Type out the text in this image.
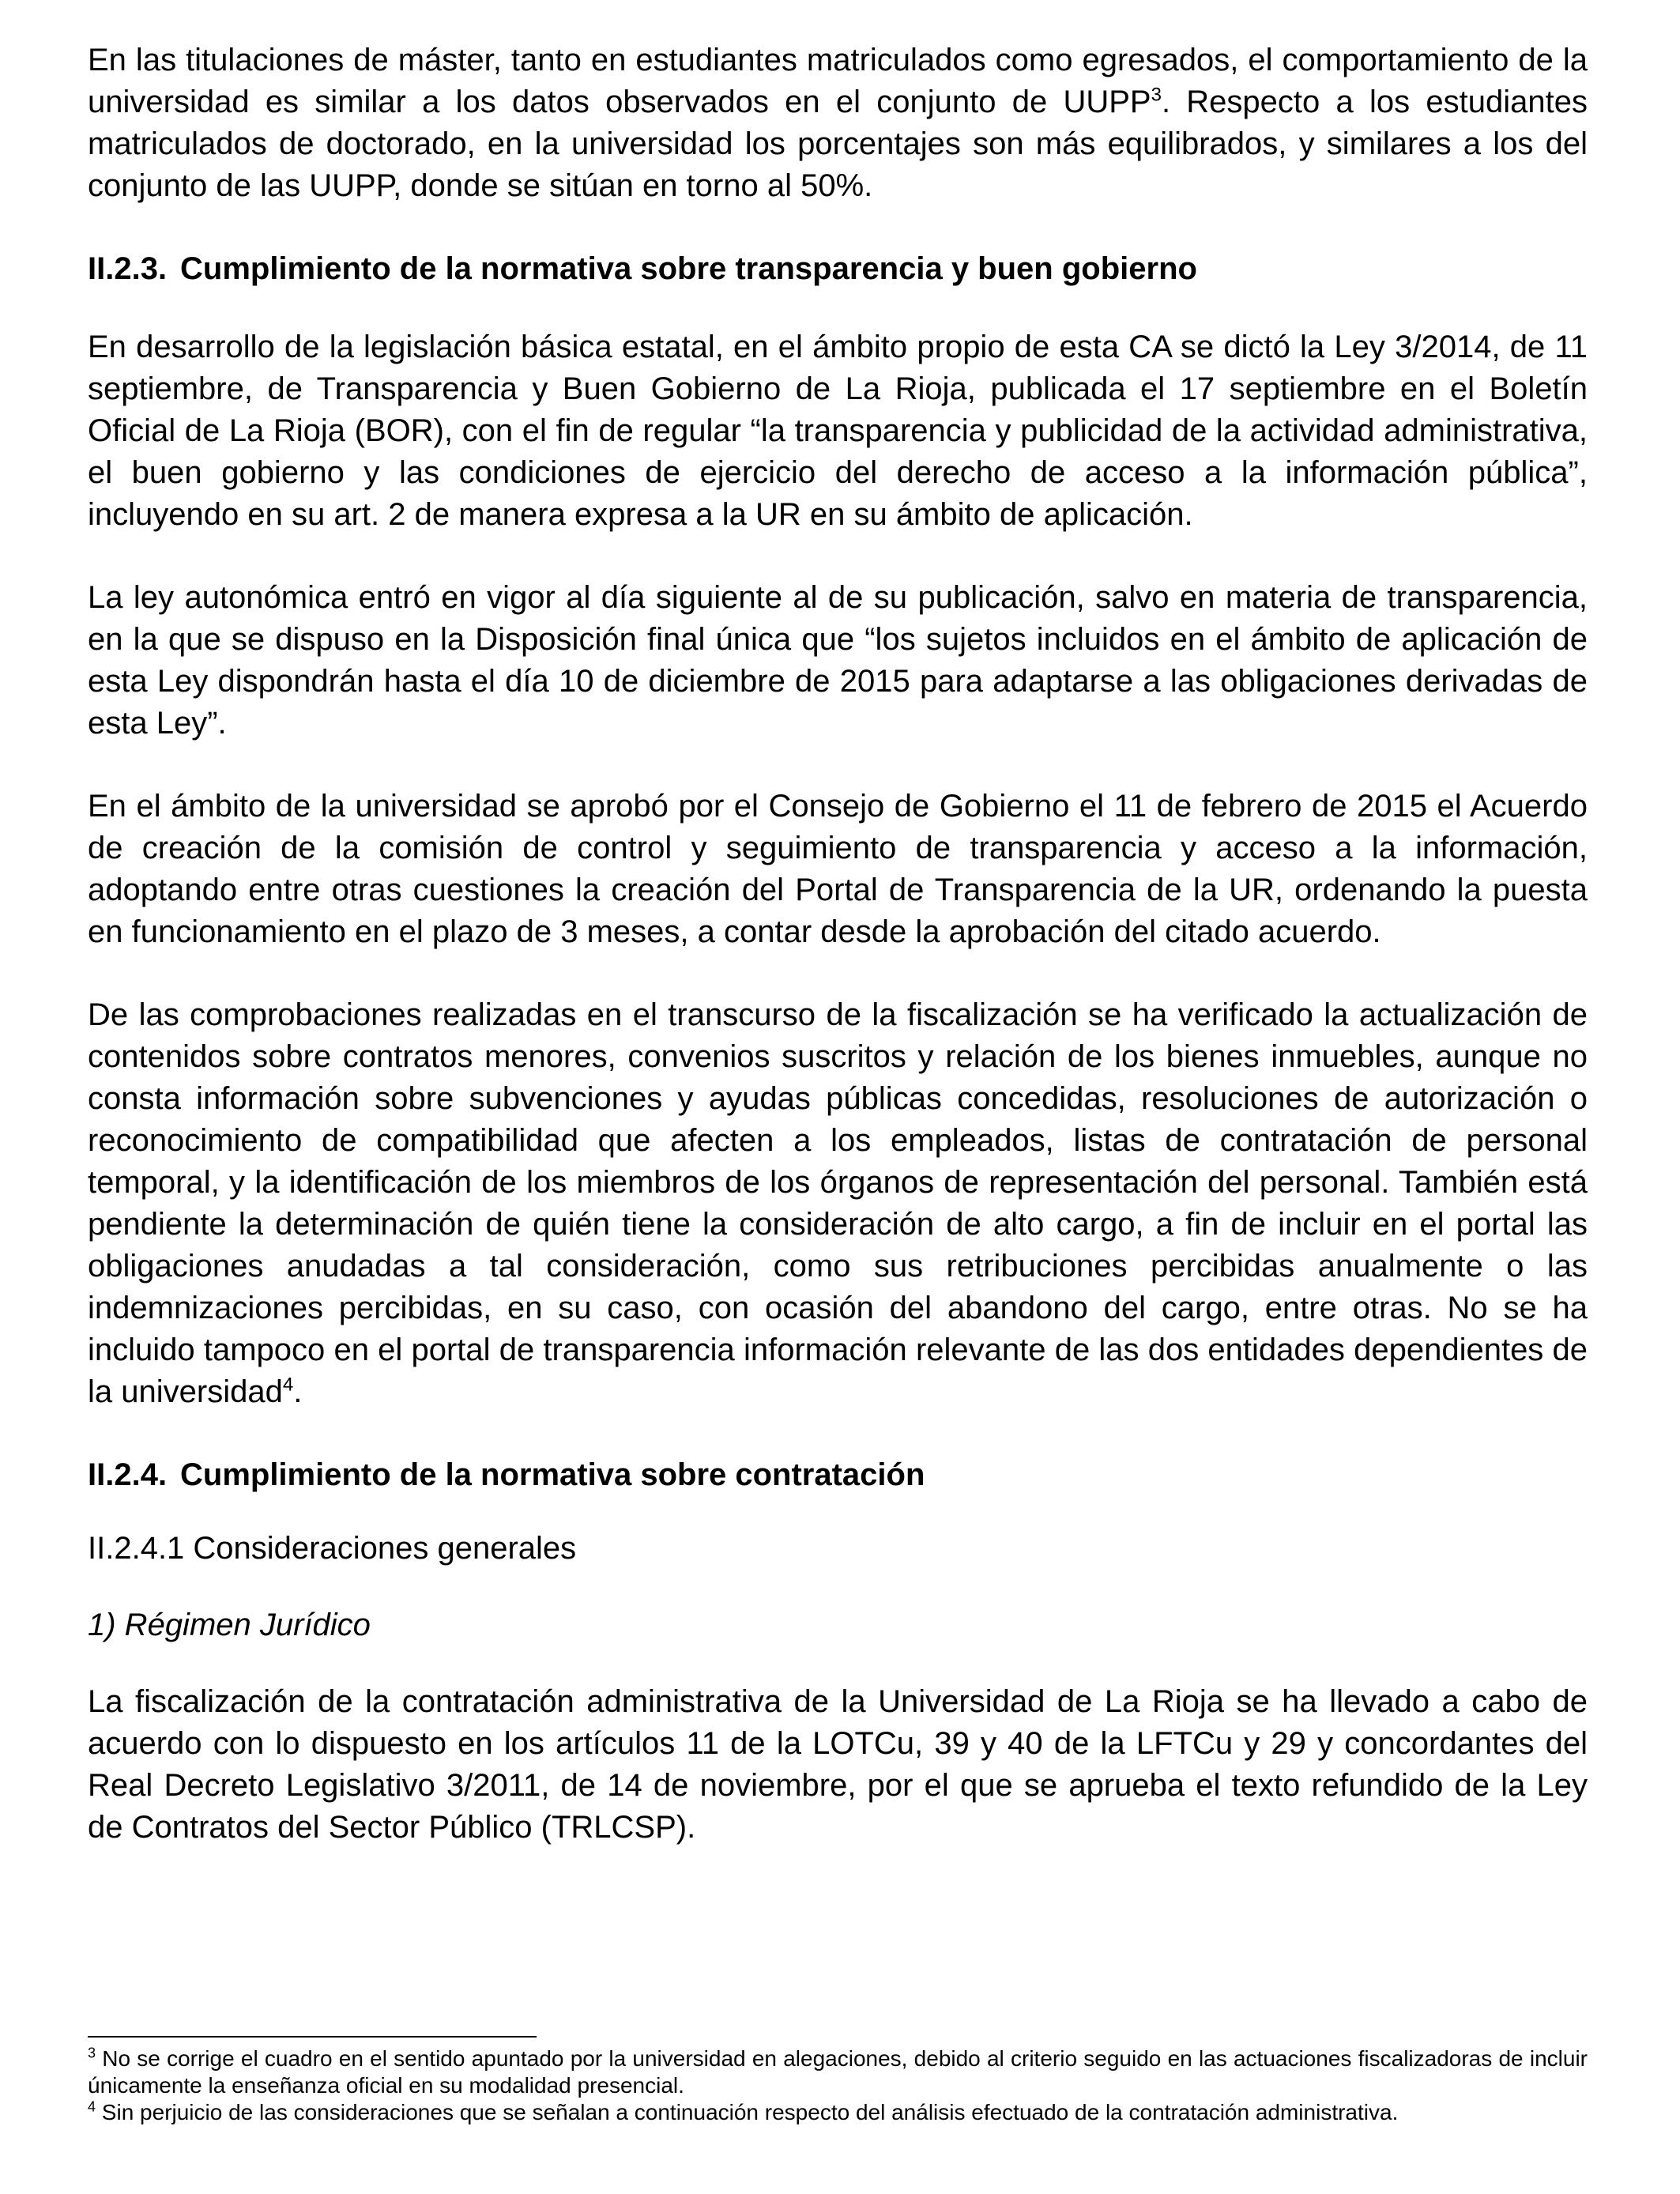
En las titulaciones de máster, tanto en estudiantes matriculados como egresados, el comportamiento de la universidad es similar a los datos observados en el conjunto de UUPP$^3$. Respecto a los estudiantes matriculados de doctorado, en la universidad los porcentajes son más equilibrados, y similares a los del conjunto de las UUPP, donde se sitúan en torno al 50%.

II.2.3. Cumplimiento de la normativa sobre transparencia y buen gobierno

En desarrollo de la legislación básica estatal, en el ámbito propio de esta CA se dictó la Ley 3/2014, de 11 septiembre, de Transparencia y Buen Gobierno de La Rioja, publicada el 17 septiembre en el Boletín Oficial de La Rioja (BOR), con el fin de regular “la transparencia y publicidad de la actividad administrativa, el buen gobierno y las condiciones de ejercicio del derecho de acceso a la información pública”, incluyendo en su art. 2 de manera expresa a la UR en su ámbito de aplicación.

La ley autonómica entró en vigor al día siguiente al de su publicación, salvo en materia de transparencia, en la que se dispuso en la Disposición final única que “los sujetos incluidos en el ámbito de aplicación de esta Ley dispondrán hasta el día 10 de diciembre de 2015 para adaptarse a las obligaciones derivadas de esta Ley”.

En el ámbito de la universidad se aprobó por el Consejo de Gobierno el 11 de febrero de 2015 el Acuerdo de creación de la comisión de control y seguimiento de transparencia y acceso a la información, adoptando entre otras cuestiones la creación del Portal de Transparencia de la UR, ordenando la puesta en funcionamiento en el plazo de 3 meses, a contar desde la aprobación del citado acuerdo.

De las comprobaciones realizadas en el transcurso de la fiscalización se ha verificado la actualización de contenidos sobre contratos menores, convenios suscritos y relación de los bienes inmuebles, aunque no consta información sobre subvenciones y ayudas públicas concedidas, resoluciones de autorización o reconocimiento de compatibilidad que afecten a los empleados, listas de contratación de personal temporal, y la identificación de los miembros de los órganos de representación del personal. También está pendiente la determinación de quién tiene la consideración de alto cargo, a fin de incluir en el portal las obligaciones anudadas a tal consideración, como sus retribuciones percibidas anualmente o las indemnizaciones percibidas, en su caso, con ocasión del abandono del cargo, entre otras. No se ha incluido tampoco en el portal de transparencia información relevante de las dos entidades dependientes de la universidad$^4$.

II.2.4. Cumplimiento de la normativa sobre contratación
II.2.4.1 Consideraciones generales
1) Régimen Jurídico

La fiscalización de la contratación administrativa de la Universidad de La Rioja se ha llevado a cabo de acuerdo con lo dispuesto en los artículos 11 de la LOTCu, 39 y 40 de la LFTCu y 29 y concordantes del Real Decreto Legislativo 3/2011, de 14 de noviembre, por el que se aprueba el texto refundido de la Ley de Contratos del Sector Público (TRLCSP).

$^3$ No se corrige el cuadro en el sentido apuntado por la universidad en alegaciones, debido al criterio seguido en las actuaciones fiscalizadoras de incluir únicamente la enseñanza oficial en su modalidad presencial.

$^4$ Sin perjuicio de las consideraciones que se señalan a continuación respecto del análisis efectuado de la contratación administrativa.
